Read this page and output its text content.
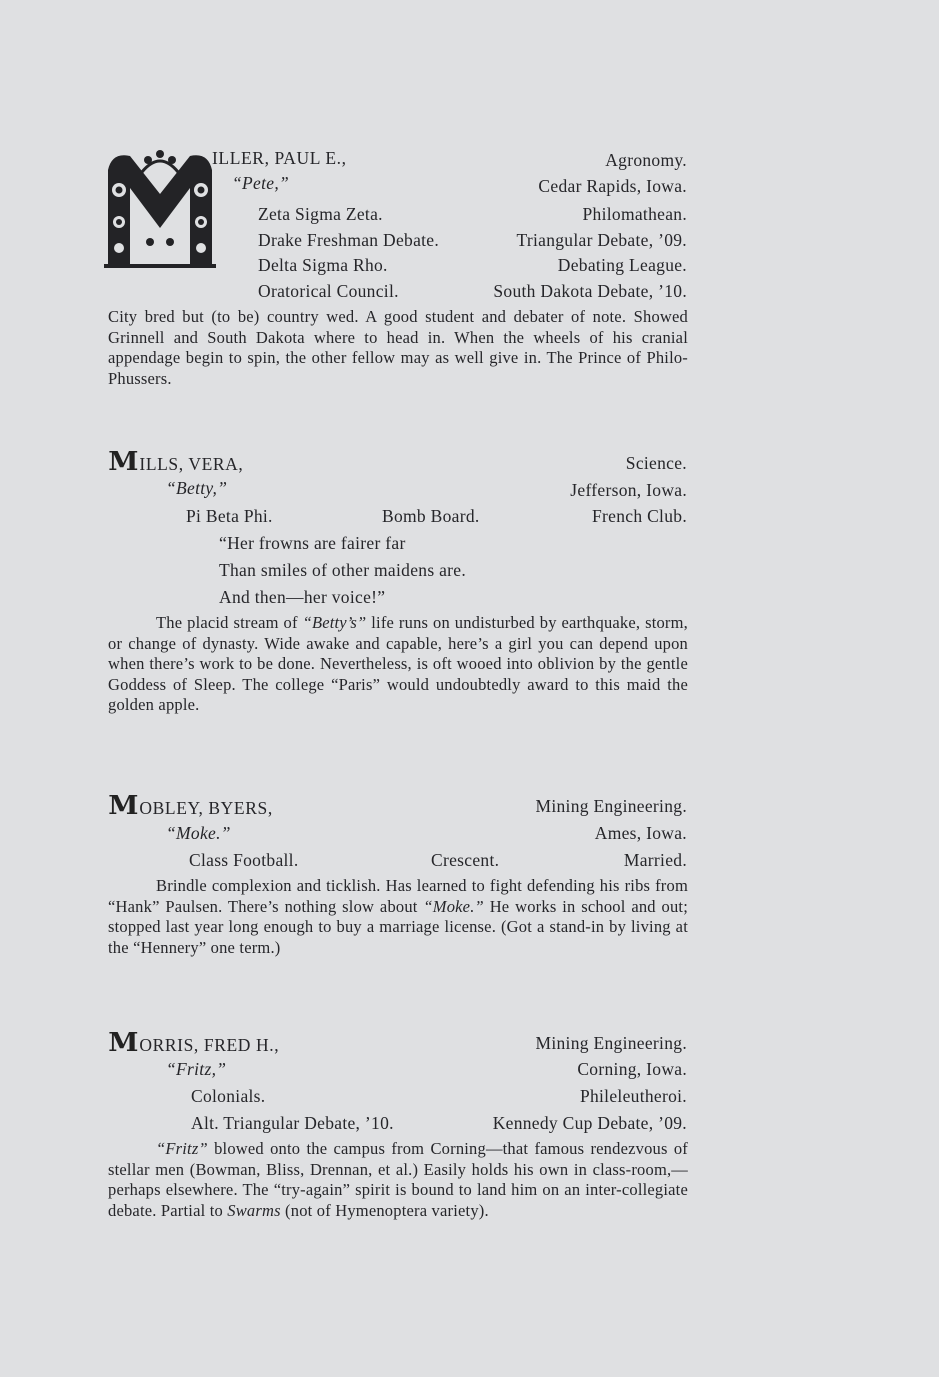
ILLER, PAUL E.,	Agronomy.
“Pete,”	Cedar Rapids, Iowa.
Zeta Sigma Zeta.	Philomathean.
Drake Freshman Debate.	Triangular Debate, ’09.
Delta Sigma Rho.	Debating League.
Oratorical Council.	South Dakota Debate, ’10.

City bred but (to be) country wed. A good student and debater of note. Showed Grinnell and South Dakota where to head in. When the wheels of his cranial appendage begin to spin, the other fellow may as well give in. The Prince of Philo-Phussers.

MILLS, VERA,	Science.
“Betty,”	Jefferson, Iowa.
Pi Beta Phi.	Bomb Board.	French Club.
“Her frowns are fairer far
Than smiles of other maidens are.
And then—her voice!”

The placid stream of “Betty’s” life runs on undisturbed by earthquake, storm, or change of dynasty. Wide awake and capable, here’s a girl you can depend upon when there’s work to be done. Nevertheless, is oft wooed into oblivion by the gentle Goddess of Sleep. The college “Paris” would undoubtedly award to this maid the golden apple.

MOBLEY, BYERS,	Mining Engineering.
“Moke.”	Ames, Iowa.
Class Football.	Crescent.	Married.

Brindle complexion and ticklish. Has learned to fight defending his ribs from “Hank” Paulsen. There’s nothing slow about “Moke.” He works in school and out; stopped last year long enough to buy a marriage license. (Got a stand-in by living at the “Hennery” one term.)

MORRIS, FRED H.,	Mining Engineering.
“Fritz,”	Corning, Iowa.
Colonials.	Phileleutheroi.
Alt. Triangular Debate, ’10.	Kennedy Cup Debate, ’09.

“Fritz” blowed onto the campus from Corning—that famous rendezvous of stellar men (Bowman, Bliss, Drennan, et al.) Easily holds his own in class-room,—perhaps elsewhere. The “try-again” spirit is bound to land him on an inter-collegiate debate. Partial to Swarms (not of Hymenoptera variety).
